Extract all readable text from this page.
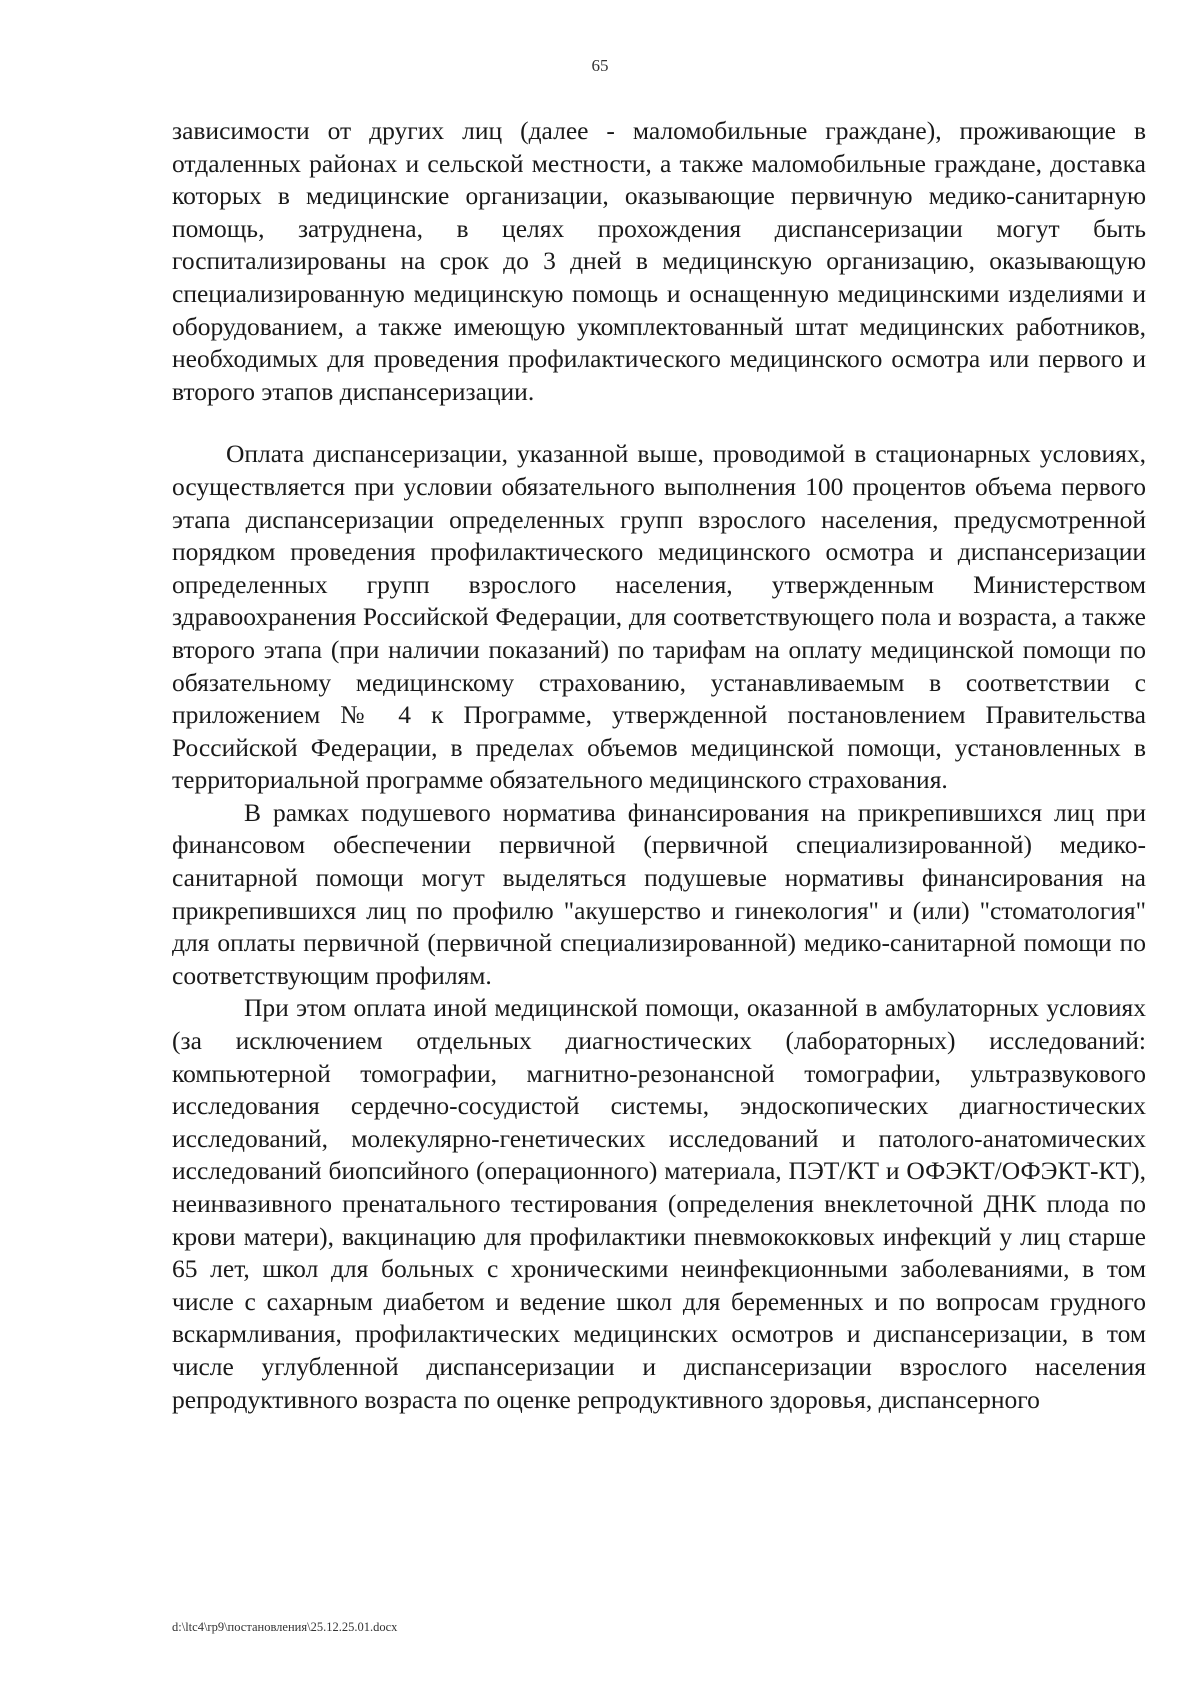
65

зависимости от других лиц (далее - маломобильные граждане), проживающие в отдаленных районах и сельской местности, а также маломобильные граждане, доставка которых в медицинские организации, оказывающие первичную медико-санитарную помощь, затруднена, в целях прохождения диспансеризации могут быть госпитализированы на срок до 3 дней в медицинскую организацию, оказывающую специализированную медицинскую помощь и оснащенную медицинскими изделиями и оборудованием, а также имеющую укомплектованный штат медицинских работников, необходимых для проведения профилактического медицинского осмотра или первого и второго этапов диспансеризации.

Оплата диспансеризации, указанной выше, проводимой в стационарных условиях, осуществляется при условии обязательного выполнения 100 процентов объема первого этапа диспансеризации определенных групп взрослого населения, предусмотренной порядком проведения профилактического медицинского осмотра и диспансеризации определенных групп взрослого населения, утвержденным Министерством здравоохранения Российской Федерации, для соответствующего пола и возраста, а также второго этапа (при наличии показаний) по тарифам на оплату медицинской помощи по обязательному медицинскому страхованию, устанавливаемым в соответствии с приложением № 4 к Программе, утвержденной постановлением Правительства Российской Федерации, в пределах объемов медицинской помощи, установленных в территориальной программе обязательного медицинского страхования.

В рамках подушевого норматива финансирования на прикрепившихся лиц при финансовом обеспечении первичной (первичной специализированной) медико-санитарной помощи могут выделяться подушевые нормативы финансирования на прикрепившихся лиц по профилю "акушерство и гинекология" и (или) "стоматология" для оплаты первичной (первичной специализированной) медико-санитарной помощи по соответствующим профилям.

При этом оплата иной медицинской помощи, оказанной в амбулаторных условиях (за исключением отдельных диагностических (лабораторных) исследований: компьютерной томографии, магнитно-резонансной томографии, ультразвукового исследования сердечно-сосудистой системы, эндоскопических диагностических исследований, молекулярно-генетических исследований и патолого-анатомических исследований биопсийного (операционного) материала, ПЭТ/КТ и ОФЭКТ/ОФЭКТ-КТ), неинвазивного пренатального тестирования (определения внеклеточной ДНК плода по крови матери), вакцинацию для профилактики пневмококковых инфекций у лиц старше 65 лет, школ для больных с хроническими неинфекционными заболеваниями, в том числе с сахарным диабетом и ведение школ для беременных и по вопросам грудного вскармливания, профилактических медицинских осмотров и диспансеризации, в том числе углубленной диспансеризации и диспансеризации взрослого населения репродуктивного возраста по оценке репродуктивного здоровья, диспансерного

d:\ltc4\rp9\постановления\25.12.25.01.docx
